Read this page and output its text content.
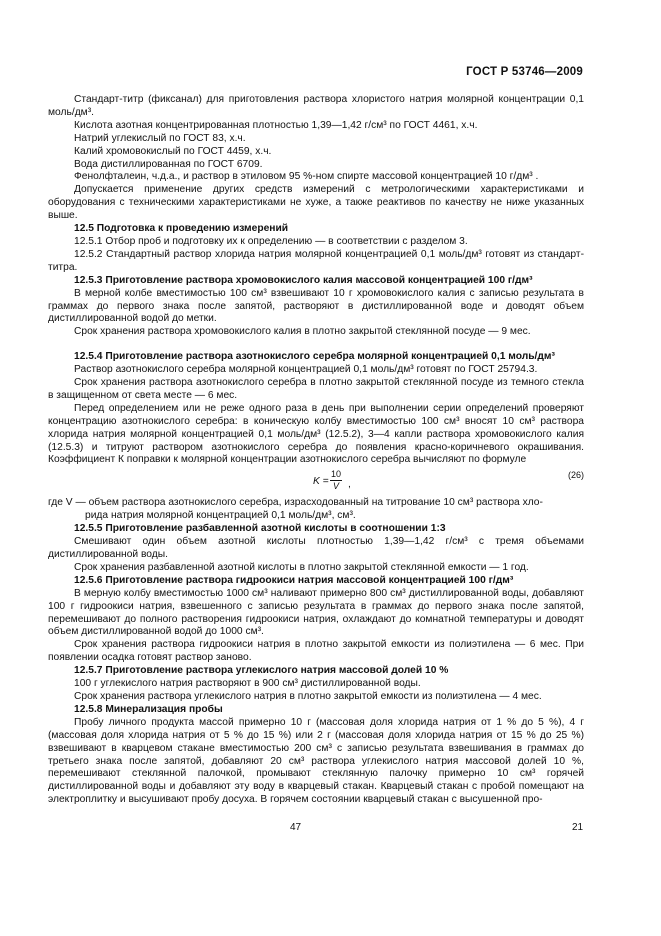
ГОСТ Р 53746—2009

Стандарт-титр (фиксанал) для приготовления раствора хлористого натрия молярной концентрации 0,1 моль/дм³.

Кислота азотная концентрированная плотностью 1,39—1,42 г/см³ по ГОСТ 4461, х.ч.

Натрий углекислый по ГОСТ 83, х.ч.

Калий хромовокислый по ГОСТ 4459, х.ч.

Вода дистиллированная по ГОСТ 6709.

Фенолфталеин, ч.д.а., и раствор в этиловом 95 %-ном спирте массовой концентрацией 10 г/дм³ .

Допускается применение других средств измерений с метрологическими характеристиками и оборудования с техническими характеристиками не хуже, а также реактивов по качеству не ниже указанных выше.

12.5 Подготовка к проведению измерений

12.5.1 Отбор проб и подготовку их к определению — в соответствии с разделом 3.

12.5.2 Стандартный раствор хлорида натрия молярной концентрацией 0,1 моль/дм³ готовят из стандарт-титра.

12.5.3 Приготовление раствора хромовокислого калия массовой концентрацией 100 г/дм³

В мерной колбе вместимостью 100 см³ взвешивают 10 г хромовокислого калия с записью результата в граммах до первого знака после запятой, растворяют в дистиллированной воде и доводят объем дистиллированной водой до метки.

Срок хранения раствора хромовокислого калия в плотно закрытой стеклянной посуде — 9 мес.

12.5.4 Приготовление раствора азотнокислого серебра молярной концентрацией 0,1 моль/дм³

Раствор азотнокислого серебра молярной концентрацией 0,1 моль/дм³ готовят по ГОСТ 25794.3.

Срок хранения раствора азотнокислого серебра в плотно закрытой стеклянной посуде из темного стекла в защищенном от света месте — 6 мес.

Перед определением или не реже одного раза в день при выполнении серии определений проверяют концентрацию азотнокислого серебра: в коническую колбу вместимостью 100 см³ вносят 10 см³ раствора хлорида натрия молярной концентрацией 0,1 моль/дм³ (12.5.2), 3—4 капли раствора хромовокислого калия (12.5.3) и титруют раствором азотнокислого серебра до появления красно-коричневого окрашивания. Коэффициент К поправки к молярной концентрации азотнокислого серебра вычисляют по формуле

$K = \frac{10}{V}$ ,
(26)

где V — объем раствора азотнокислого серебра, израсходованный на титрование 10 см³ раствора хло-

рида натрия молярной концентрацией 0,1 моль/дм³, см³.

12.5.5 Приготовление разбавленной азотной кислоты в соотношении 1:3

Смешивают один объем азотной кислоты плотностью 1,39—1,42 г/см³ с тремя объемами дистиллированной воды.

Срок хранения разбавленной азотной кислоты в плотно закрытой стеклянной емкости — 1 год.

12.5.6 Приготовление раствора гидроокиси натрия массовой концентрацией 100 г/дм³

В мерную колбу вместимостью 1000 см³ наливают примерно 800 см³ дистиллированной воды, добавляют 100 г гидроокиси натрия, взвешенного с записью результата в граммах до первого знака после запятой, перемешивают до полного растворения гидроокиси натрия, охлаждают до комнатной температуры и доводят объем дистиллированной водой до 1000 см³.

Срок хранения раствора гидроокиси натрия в плотно закрытой емкости из полиэтилена — 6 мес. При появлении осадка готовят раствор заново.

12.5.7 Приготовление раствора углекислого натрия массовой долей 10 %

100 г углекислого натрия растворяют в 900 см³ дистиллированной воды.

Срок хранения раствора углекислого натрия в плотно закрытой емкости из полиэтилена — 4 мес.

12.5.8 Минерализация пробы

Пробу личного продукта массой примерно 10 г (массовая доля хлорида натрия от 1 % до 5 %), 4 г (массовая доля хлорида натрия от 5 % до 15 %) или 2 г (массовая доля хлорида натрия от 15 % до 25 %) взвешивают в кварцевом стакане вместимостью 200 см³ с записью результата взвешивания в граммах до третьего знака после запятой, добавляют 20 см³ раствора углекислого натрия массовой долей 10 %, перемешивают стеклянной палочкой, промывают стеклянную палочку примерно 10 см³ горячей дистиллированной воды и добавляют эту воду в кварцевый стакан. Кварцевый стакан с пробой помещают на электроплитку и высушивают пробу досуха. В горячем состоянии кварцевый стакан с высушенной про-

47	21
